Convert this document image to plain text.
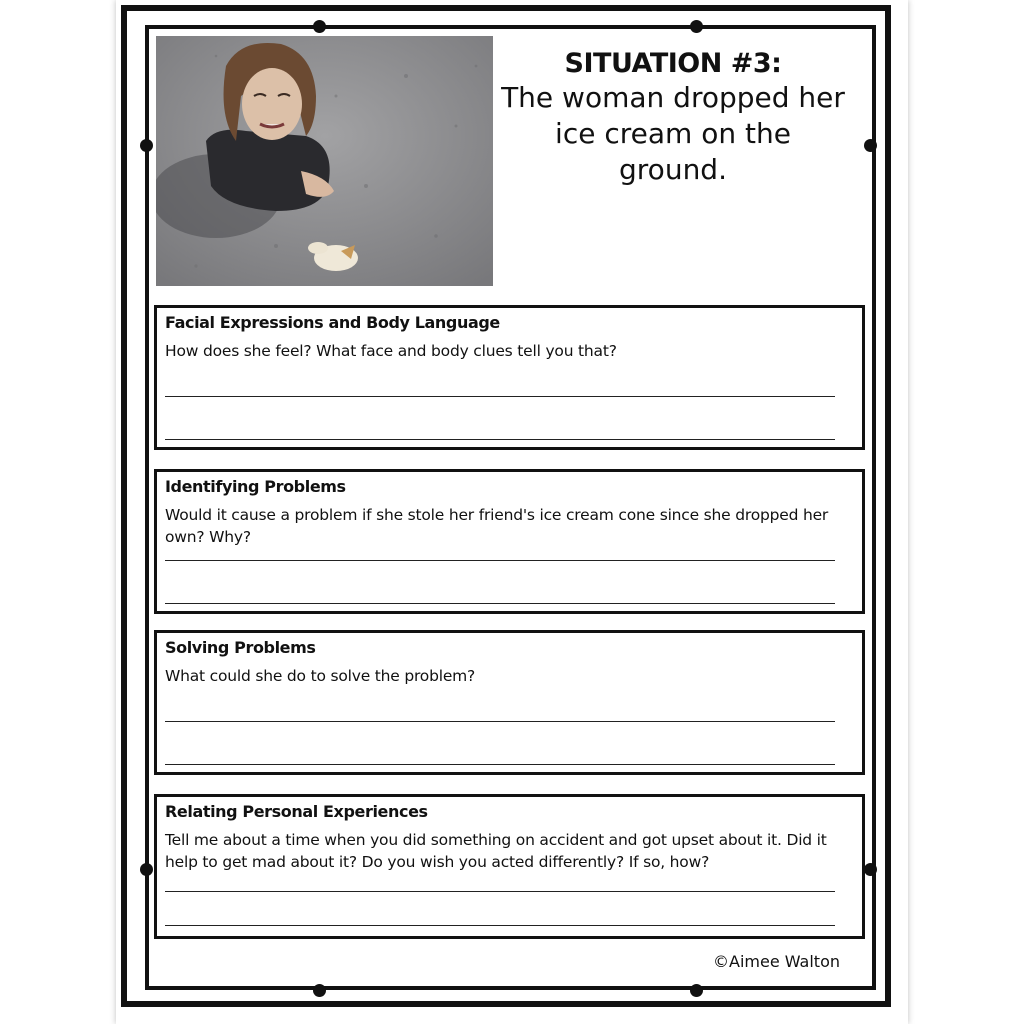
SITUATION #3:
The woman dropped her ice cream on the ground.
Facial Expressions and Body Language
How does she feel? What face and body clues tell you that?
Identifying Problems
Would it cause a problem if she stole her friend's ice cream cone since she dropped her own? Why?
Solving Problems
What could she do to solve the problem?
Relating Personal Experiences
Tell me about a time when you did something on accident and got upset about it. Did it help to get mad about it? Do you wish you acted differently? If so, how?
©Aimee Walton
